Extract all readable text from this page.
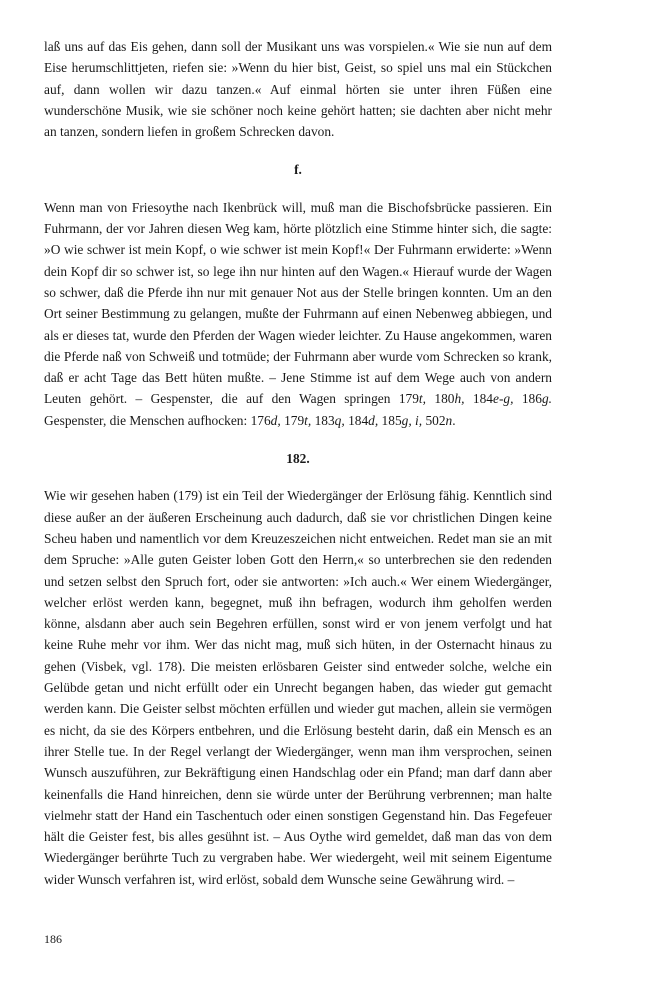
laß uns auf das Eis gehen, dann soll der Musikant uns was vorspielen.« Wie sie nun auf dem Eise herumschlittjeten, riefen sie: »Wenn du hier bist, Geist, so spiel uns mal ein Stückchen auf, dann wollen wir dazu tanzen.« Auf einmal hörten sie unter ihren Füßen eine wunderschöne Musik, wie sie schöner noch keine gehört hatten; sie dachten aber nicht mehr an tanzen, sondern liefen in großem Schrecken davon.

f.

Wenn man von Friesoythe nach Ikenbrück will, muß man die Bischofsbrücke passieren. Ein Fuhrmann, der vor Jahren diesen Weg kam, hörte plötzlich eine Stimme hinter sich, die sagte: »O wie schwer ist mein Kopf, o wie schwer ist mein Kopf!« Der Fuhrmann erwiderte: »Wenn dein Kopf dir so schwer ist, so lege ihn nur hinten auf den Wagen.« Hierauf wurde der Wagen so schwer, daß die Pferde ihn nur mit genauer Not aus der Stelle bringen konnten. Um an den Ort seiner Bestimmung zu gelangen, mußte der Fuhrmann auf einen Nebenweg abbiegen, und als er dieses tat, wurde den Pferden der Wagen wieder leichter. Zu Hause angekommen, waren die Pferde naß von Schweiß und totmüde; der Fuhrmann aber wurde vom Schrecken so krank, daß er acht Tage das Bett hüten mußte. – Jene Stimme ist auf dem Wege auch von andern Leuten gehört. – Gespenster, die auf den Wagen springen 179t, 180h, 184e-g, 186g. Gespenster, die Menschen aufhocken: 176d, 179t, 183q, 184d, 185g, i, 502n.

182.

Wie wir gesehen haben (179) ist ein Teil der Wiedergänger der Erlösung fähig. Kenntlich sind diese außer an der äußeren Erscheinung auch dadurch, daß sie vor christlichen Dingen keine Scheu haben und namentlich vor dem Kreuzeszeichen nicht entweichen. Redet man sie an mit dem Spruche: »Alle guten Geister loben Gott den Herrn,« so unterbrechen sie den redenden und setzen selbst den Spruch fort, oder sie antworten: »Ich auch.« Wer einem Wiedergänger, welcher erlöst werden kann, begegnet, muß ihn befragen, wodurch ihm geholfen werden könne, alsdann aber auch sein Begehren erfüllen, sonst wird er von jenem verfolgt und hat keine Ruhe mehr vor ihm. Wer das nicht mag, muß sich hüten, in der Osternacht hinaus zu gehen (Visbek, vgl. 178). Die meisten erlösbaren Geister sind entweder solche, welche ein Gelübde getan und nicht erfüllt oder ein Unrecht begangen haben, das wieder gut gemacht werden kann. Die Geister selbst möchten erfüllen und wieder gut machen, allein sie vermögen es nicht, da sie des Körpers entbehren, und die Erlösung besteht darin, daß ein Mensch es an ihrer Stelle tue. In der Regel verlangt der Wiedergänger, wenn man ihm versprochen, seinen Wunsch auszuführen, zur Bekräftigung einen Handschlag oder ein Pfand; man darf dann aber keinenfalls die Hand hinreichen, denn sie würde unter der Berührung verbrennen; man halte vielmehr statt der Hand ein Taschentuch oder einen sonstigen Gegenstand hin. Das Fegefeuer hält die Geister fest, bis alles gesühnt ist. – Aus Oythe wird gemeldet, daß man das von dem Wiedergänger berührte Tuch zu vergraben habe. Wer wiedergeht, weil mit seinem Eigentume wider Wunsch verfahren ist, wird erlöst, sobald dem Wunsche seine Gewährung wird. –

186
